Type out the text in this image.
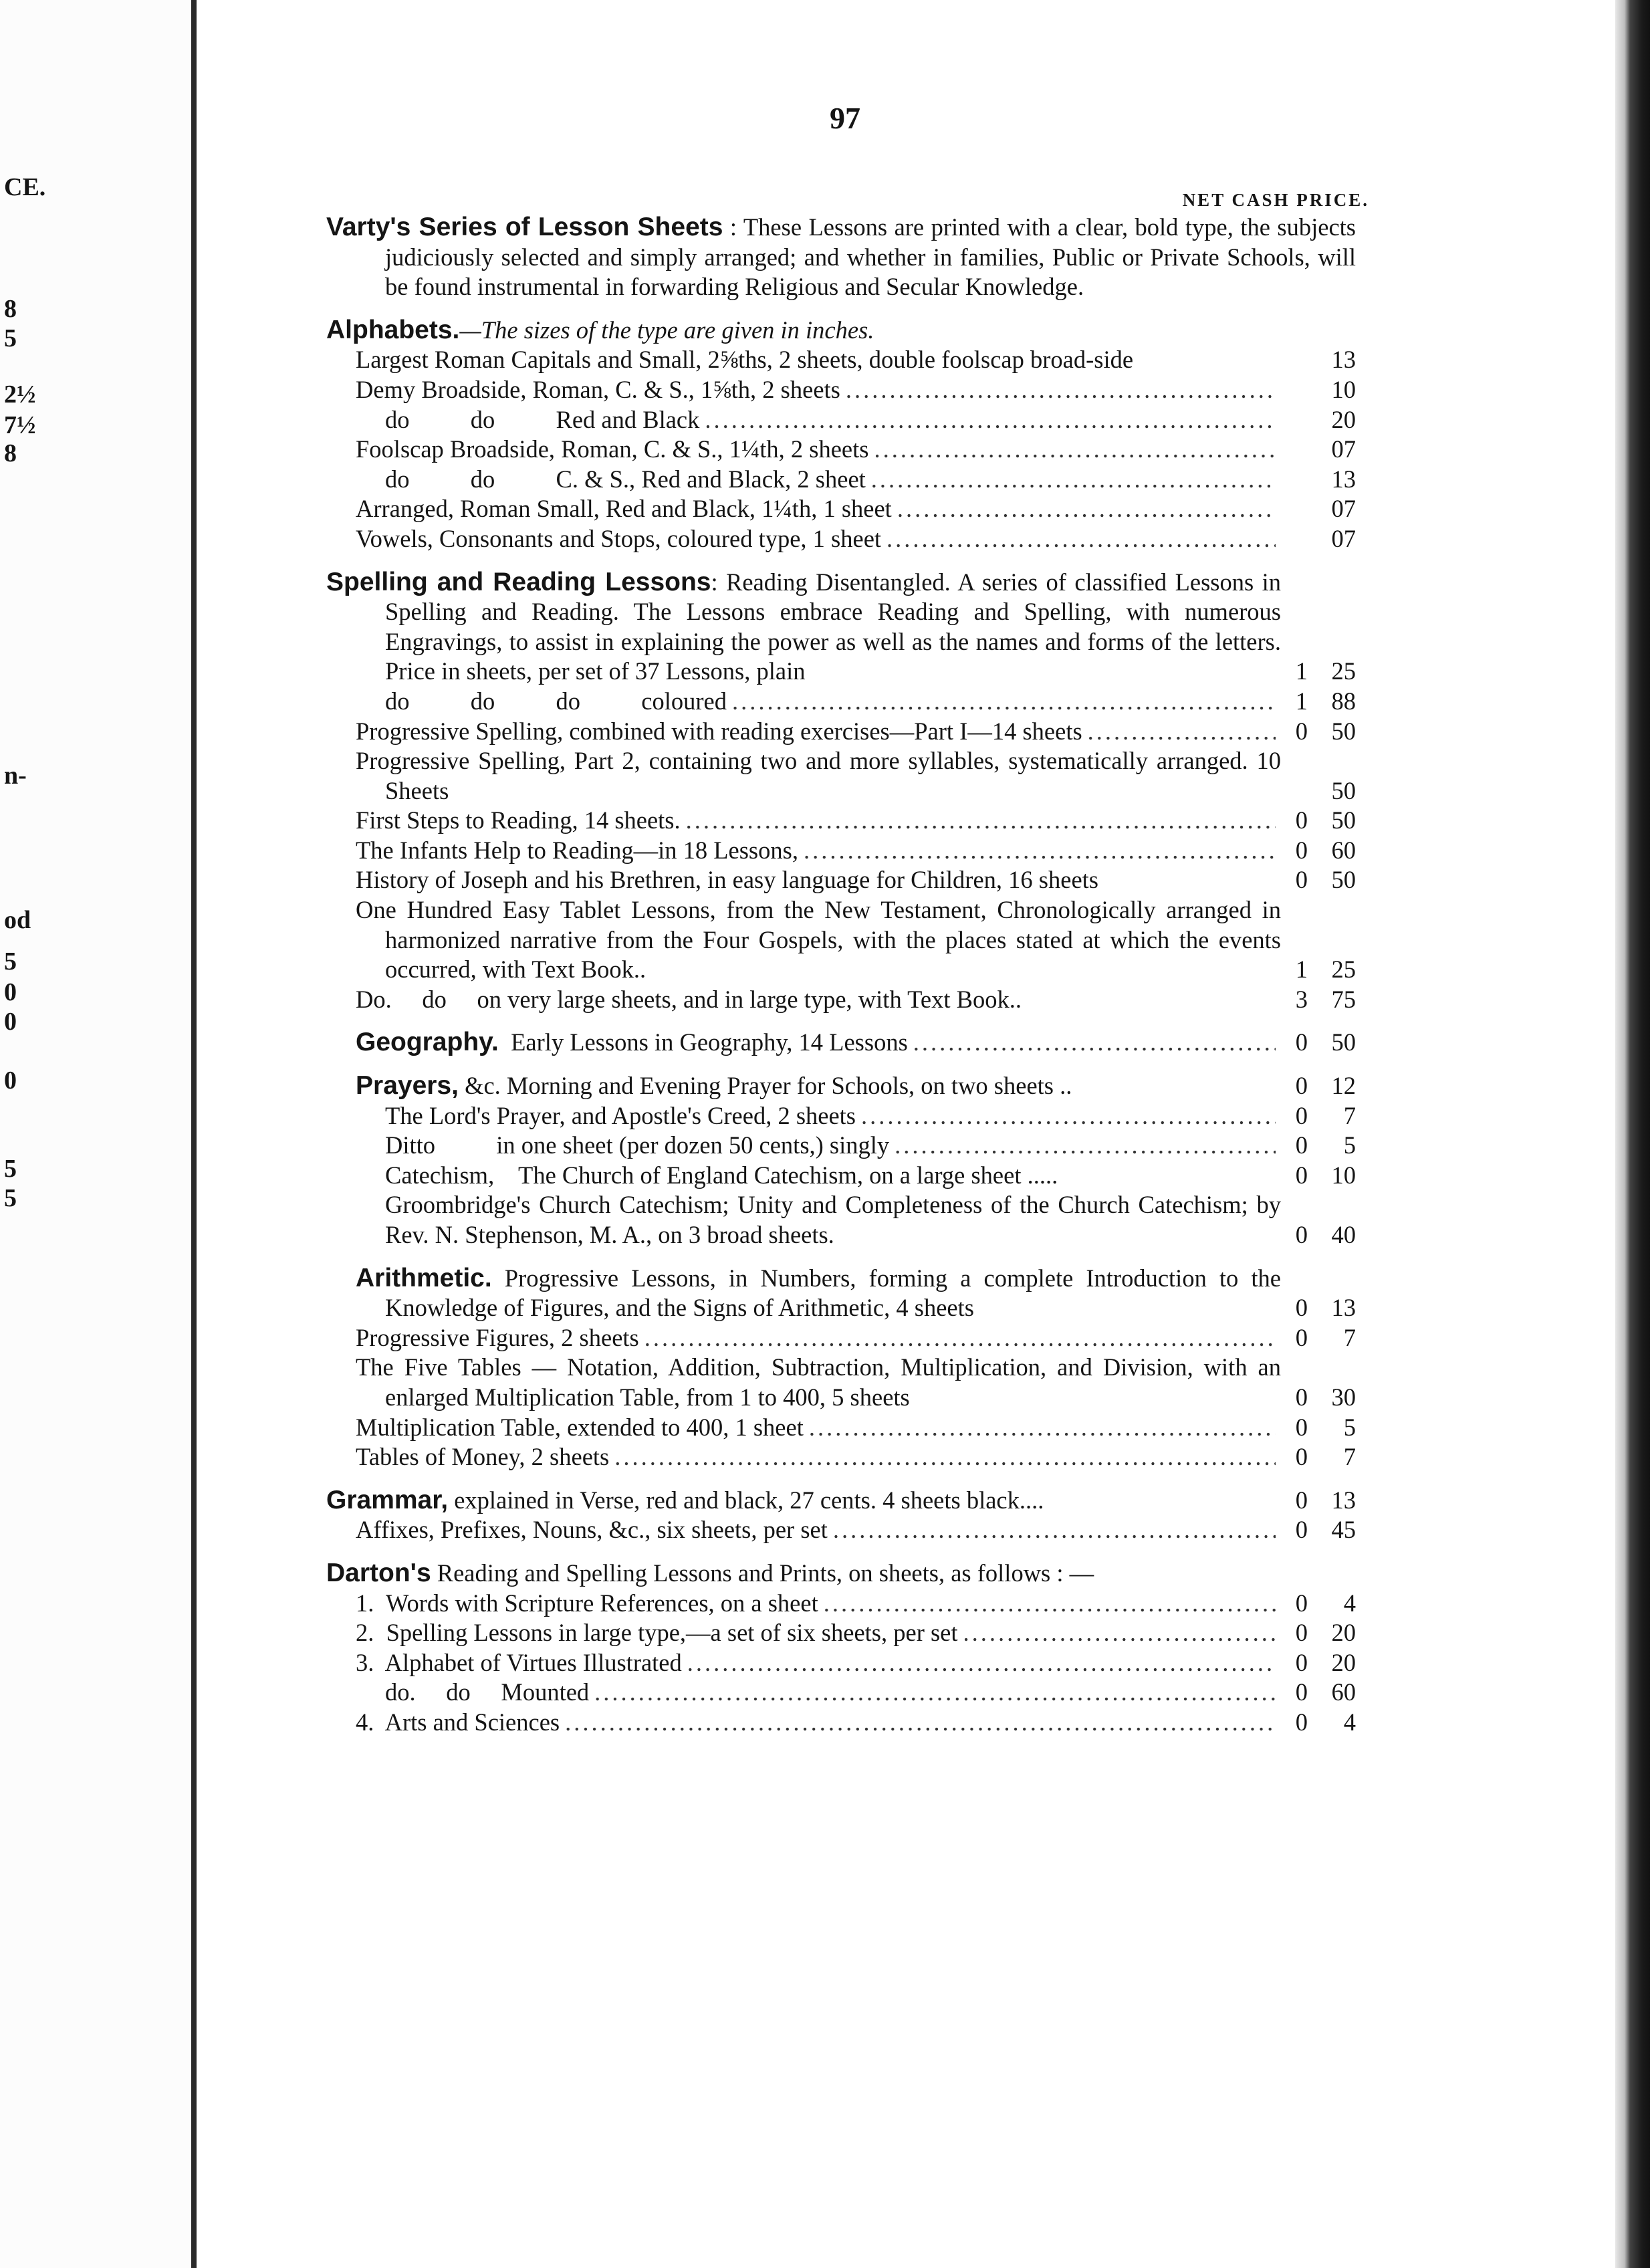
CE.
8
5
2½
7½
8
n-
od
5
0
0
0
5
5
97
NET CASH PRICE.
Varty's Series of Lesson Sheets : These Lessons are printed with a clear, bold type, the subjects judiciously selected and simply arranged; and whether in families, Public or Private Schools, will be found instrumental in forwarding Religious and Secular Knowledge.
Alphabets.—The sizes of the type are given in inches.
Largest Roman Capitals and Small, 2⅝ths, 2 sheets, double foolscap broad-side	13
Demy Broadside, Roman, C. & S., 1⅝th, 2 sheets .....	10
do          do          Red and Black .....	20
Foolscap Broadside, Roman, C. & S., 1¼th, 2 sheets .....	07
do          do          C. & S., Red and Black, 2 sheet .....	13
Arranged, Roman Small, Red and Black, 1¼th, 1 sheet .....	07
Vowels, Consonants and Stops, coloured type, 1 sheet .....	07
Spelling and Reading Lessons: Reading Disentangled. A series of classified Lessons in Spelling and Reading. The Lessons embrace Reading and Spelling, with numerous Engravings, to assist in explaining the power as well as the names and forms of the letters. Price in sheets, per set of 37 Lessons, plain	1 25
do          do          do          coloured .....	1 88
Progressive Spelling, combined with reading exercises—Part I—14 sheets .....	0 50
Progressive Spelling, Part 2, containing two and more syllables, systematically arranged. 10 Sheets	50
First Steps to Reading, 14 sheets. .....	0 50
The Infants Help to Reading—in 18 Lessons, .....	0 60
History of Joseph and his Brethren, in easy language for Children, 16 sheets	0 50
One Hundred Easy Tablet Lessons, from the New Testament, Chronologically arranged in harmonized narrative from the Four Gospels, with the places stated at which the events occurred, with Text Book..	1 25
Do.     do     on very large sheets, and in large type, with Text Book..	3 75
Geography. Early Lessons in Geography, 14 Lessons .....	0 50
Prayers, &c. Morning and Evening Prayer for Schools, on two sheets ..	0 12
The Lord's Prayer, and Apostle's Creed, 2 sheets .....	0	7
Ditto          in one sheet (per dozen 50 cents,) singly .....	0	5
Catechism,    The Church of England Catechism, on a large sheet .....	0 10
Groombridge's Church Catechism; Unity and Completeness of the Church Catechism; by Rev. N. Stephenson, M. A., on 3 broad sheets.	0 40
Arithmetic. Progressive Lessons, in Numbers, forming a complete Introduction to the Knowledge of Figures, and the Signs of Arithmetic, 4 sheets	0 13
Progressive Figures, 2 sheets .....	0	7
The Five Tables — Notation, Addition, Subtraction, Multiplication, and Division, with an enlarged Multiplication Table, from 1 to 400, 5 sheets	0 30
Multiplication Table, extended to 400, 1 sheet .....	0	5
Tables of Money, 2 sheets .....	0	7
Grammar, explained in Verse, red and black, 27 cents. 4 sheets black....	0 13
Affixes, Prefixes, Nouns, &c., six sheets, per set .....	0 45
Darton's Reading and Spelling Lessons and Prints, on sheets, as follows : —
1.  Words with Scripture References, on a sheet .....	0	4
2.  Spelling Lessons in large type,—a set of six sheets, per set .....	0 20
3.  Alphabet of Virtues Illustrated .....	0 20
do.     do     Mounted .....	0 60
4.  Arts and Sciences .....	0	4
